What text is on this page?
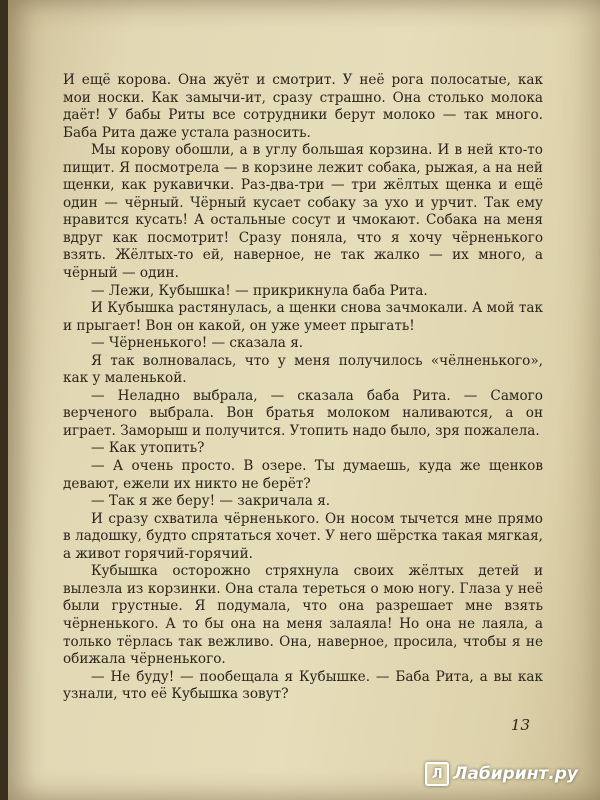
И ещё корова. Она жуёт и смотрит. У неё рога полосатые, как мои носки. Как замычи-ит, сразу страшно. Она столько молока даёт! У бабы Риты все сотрудники берут молоко — так много. Баба Рита даже устала разносить.

Мы корову обошли, а в углу большая корзина. И в ней кто-то пищит. Я посмотрела — в корзине лежит собака, рыжая, а на ней щенки, как рукавички. Раз-два-три — три жёлтых щенка и ещё один — чёрный. Чёрный кусает собаку за ухо и урчит. Так ему нравится кусать! А остальные сосут и чмокают. Собака на меня вдруг как посмотрит! Сразу поняла, что я хочу чёрненького взять. Жёлтых-то ей, наверное, не так жалко — их много, а чёрный — один.

— Лежи, Кубышка! — прикрикнула баба Рита.

И Кубышка растянулась, а щенки снова зачмокали. А мой так и прыгает! Вон он какой, он уже умеет прыгать!

— Чёрненького! — сказала я.

Я так волновалась, что у меня получилось «чёлненького», как у маленькой.

— Неладно выбрала, — сказала баба Рита. — Самого верченого выбрала. Вон братья молоком наливаются, а он играет. Заморыш и получится. Утопить надо было, зря пожалела.

— Как утопить?

— А очень просто. В озере. Ты думаешь, куда же щенков девают, ежели их никто не берёт?

— Так я же беру! — закричала я.

И сразу схватила чёрненького. Он носом тычется мне прямо в ладошку, будто спрятаться хочет. У него шёрстка такая мягкая, а живот горячий-горячий.

Кубышка осторожно стряхнула своих жёлтых детей и вылезла из корзинки. Она стала тереться о мою ногу. Глаза у неё были грустные. Я подумала, что она разрешает мне взять чёрненького. А то бы она на меня залаяла! Но она не лаяла, а только тёрлась так вежливо. Она, наверное, просила, чтобы я не обижала чёрненького.

— Не буду! — пообещала я Кубышке. — Баба Рита, а вы как узнали, что её Кубышка зовут?

13
Л Лабиринт.ру
